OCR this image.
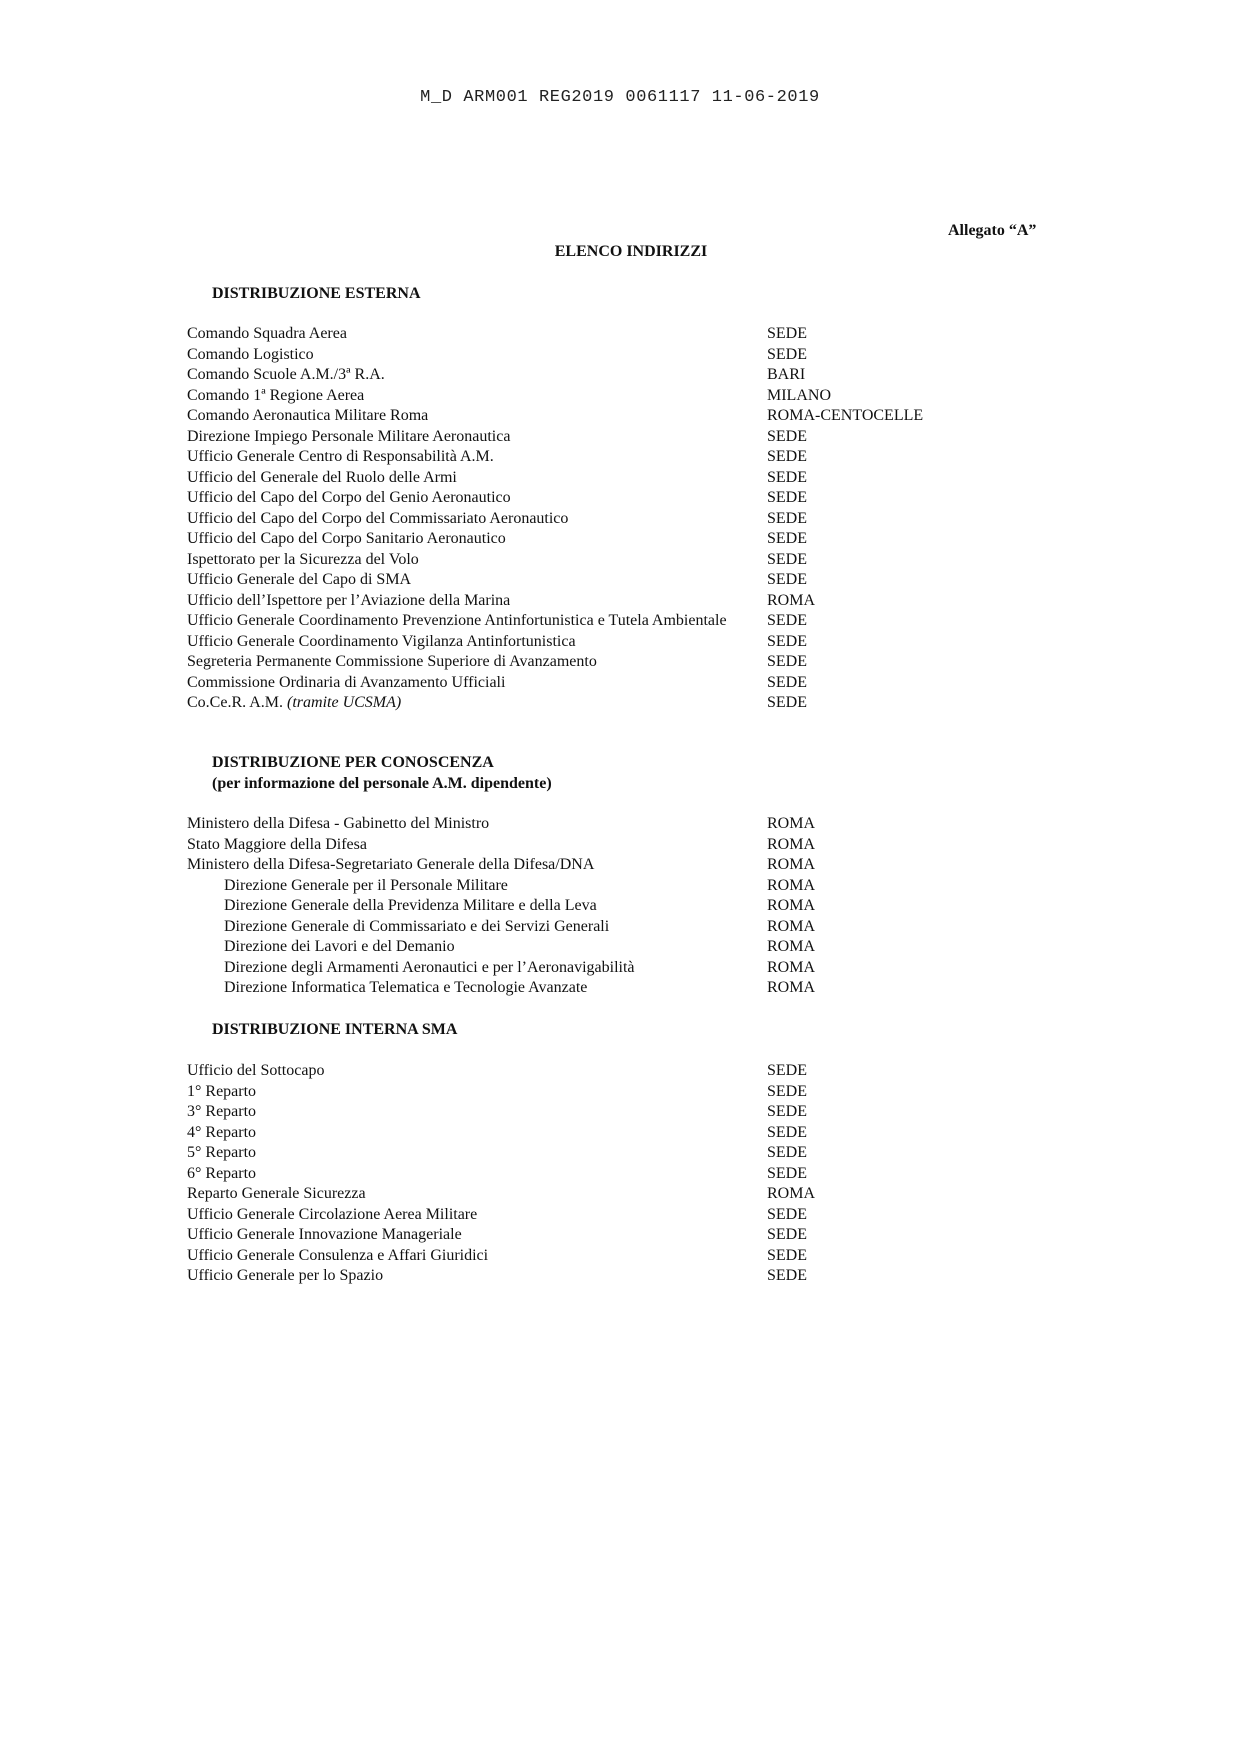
M_D ARM001 REG2019 0061117 11-06-2019
Allegato “A”
ELENCO INDIRIZZI
DISTRIBUZIONE ESTERNA
Comando Squadra Aerea	SEDE
Comando Logistico	SEDE
Comando Scuole A.M./3ª R.A.	BARI
Comando 1ª Regione Aerea	MILANO
Comando Aeronautica Militare Roma	ROMA-CENTOCELLE
Direzione Impiego Personale Militare Aeronautica	SEDE
Ufficio Generale Centro di Responsabilità A.M.	SEDE
Ufficio del Generale del Ruolo delle Armi	SEDE
Ufficio del Capo del Corpo del Genio Aeronautico	SEDE
Ufficio del Capo del Corpo del Commissariato Aeronautico	SEDE
Ufficio del Capo del Corpo Sanitario Aeronautico	SEDE
Ispettorato per la Sicurezza del Volo	SEDE
Ufficio Generale del Capo di SMA	SEDE
Ufficio dell’Ispettore per l’Aviazione della Marina	ROMA
Ufficio Generale Coordinamento Prevenzione Antinfortunistica e Tutela Ambientale	SEDE
Ufficio Generale Coordinamento Vigilanza Antinfortunistica	SEDE
Segreteria Permanente Commissione Superiore di Avanzamento	SEDE
Commissione Ordinaria di Avanzamento Ufficiali	SEDE
Co.Ce.R. A.M. (tramite UCSMA)	SEDE
DISTRIBUZIONE PER CONOSCENZA
(per informazione del personale A.M. dipendente)
Ministero della Difesa - Gabinetto del Ministro	ROMA
Stato Maggiore della Difesa	ROMA
Ministero della Difesa-Segretariato Generale della Difesa/DNA	ROMA
Direzione Generale per il Personale Militare	ROMA
Direzione Generale della Previdenza Militare e della Leva	ROMA
Direzione Generale di Commissariato e dei Servizi Generali	ROMA
Direzione dei Lavori e del Demanio	ROMA
Direzione degli Armamenti Aeronautici e per l’Aeronavigabilità	ROMA
Direzione Informatica Telematica e Tecnologie Avanzate	ROMA
DISTRIBUZIONE INTERNA SMA
Ufficio del Sottocapo	SEDE
1° Reparto	SEDE
3° Reparto	SEDE
4° Reparto	SEDE
5° Reparto	SEDE
6° Reparto	SEDE
Reparto Generale Sicurezza	ROMA
Ufficio Generale Circolazione Aerea Militare	SEDE
Ufficio Generale Innovazione Manageriale	SEDE
Ufficio Generale Consulenza e Affari Giuridici	SEDE
Ufficio Generale per lo Spazio	SEDE
